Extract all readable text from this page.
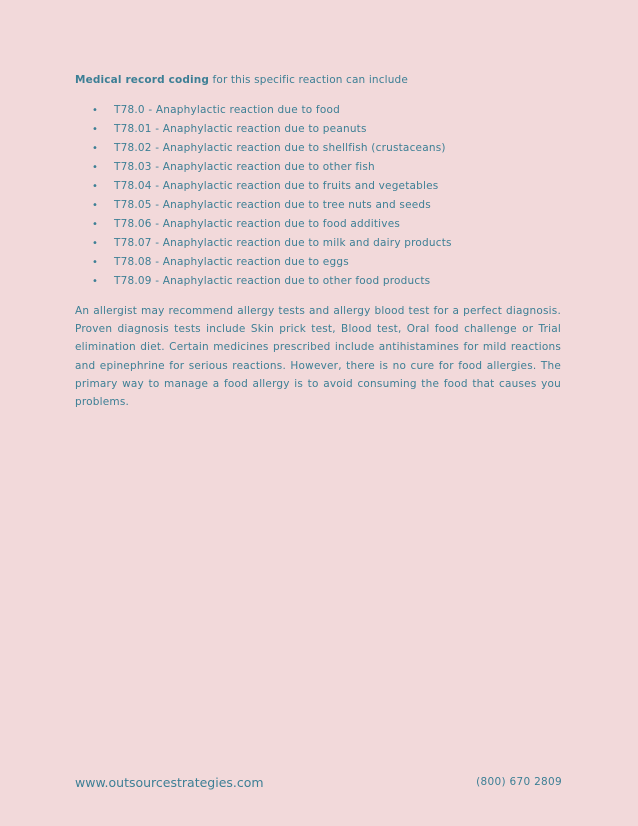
Medical record coding for this specific reaction can include
• T78.0 - Anaphylactic reaction due to food
• T78.01 - Anaphylactic reaction due to peanuts
• T78.02 - Anaphylactic reaction due to shellfish (crustaceans)
• T78.03 - Anaphylactic reaction due to other fish
• T78.04 - Anaphylactic reaction due to fruits and vegetables
• T78.05 - Anaphylactic reaction due to tree nuts and seeds
• T78.06 - Anaphylactic reaction due to food additives
• T78.07 - Anaphylactic reaction due to milk and dairy products
• T78.08 - Anaphylactic reaction due to eggs
• T78.09 - Anaphylactic reaction due to other food products

An allergist may recommend allergy tests and allergy blood test for a perfect diagnosis. Proven diagnosis tests include Skin prick test, Blood test, Oral food challenge or Trial elimination diet. Certain medicines prescribed include antihistamines for mild reactions and epinephrine for serious reactions. However, there is no cure for food allergies. The primary way to manage a food allergy is to avoid consuming the food that causes you problems.

www.outsourcestrategies.com	(800) 670 2809
